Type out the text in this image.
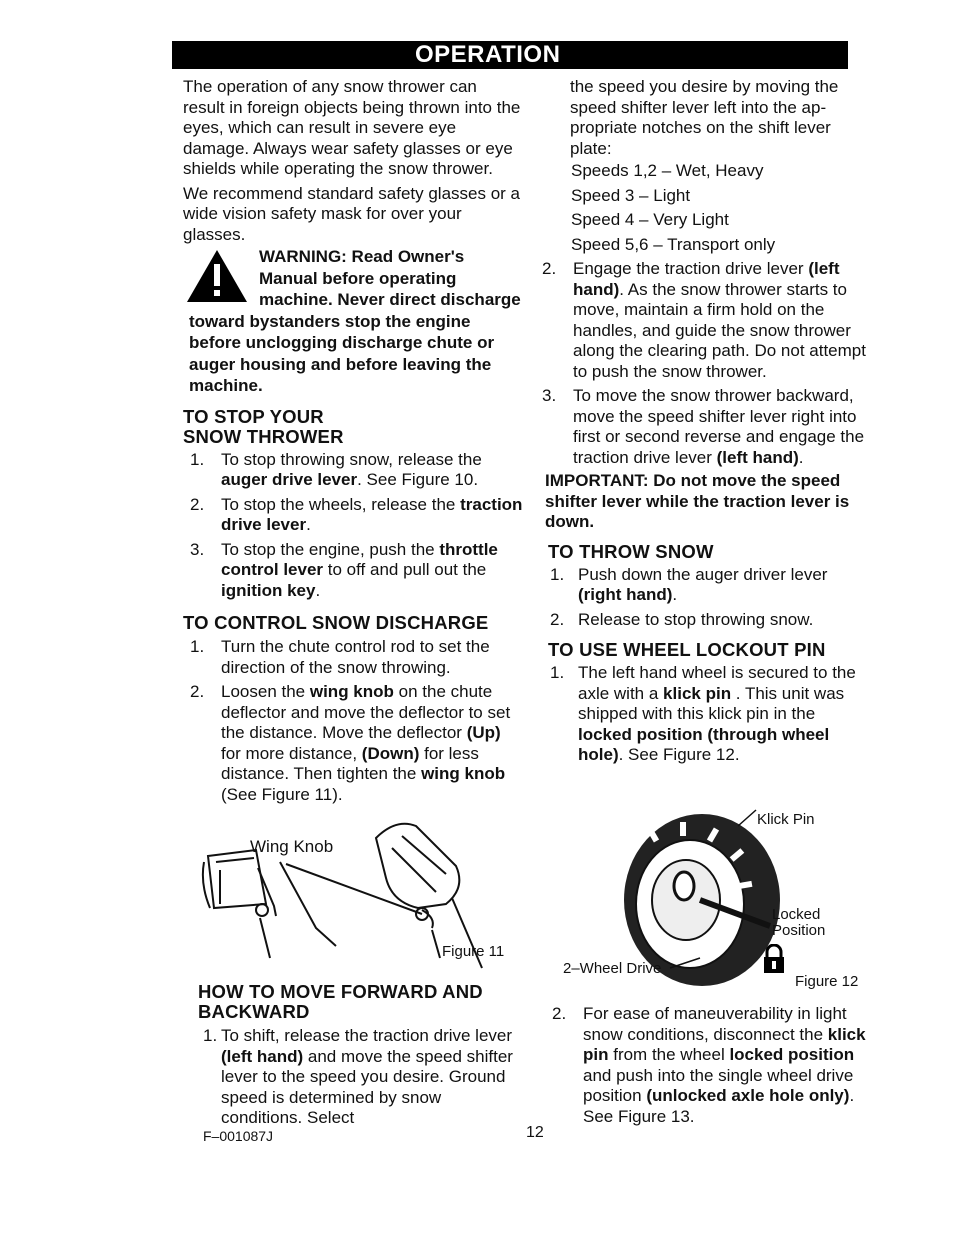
OPERATION

The operation of any snow thrower can result in foreign objects being thrown into the eyes, which can result in severe eye damage. Always wear safety glasses or eye shields while operating the snow thrower.

We recommend standard safety glasses or a wide vision safety mask for over your glasses.

WARNING: Read Owner's Manual before operating machine. Never direct discharge toward bystanders stop the engine before unclogging discharge chute or auger housing and before leaving the machine.

TO STOP YOUR
SNOW THROWER
1. To stop throwing snow, release the auger drive lever. See Figure 10.
2. To stop the wheels, release the traction drive lever.
3. To stop the engine, push the throttle control lever to off and pull out the ignition key.
TO CONTROL SNOW DISCHARGE
1. Turn the chute control rod to set the direction of the snow throwing.
2. Loosen the wing knob on the chute deflector and move the deflector to set the distance. Move the deflector (Up) for more distance, (Down) for less distance. Then tighten the wing knob (See Figure 11).
Wing Knob
Figure 11
HOW TO MOVE FORWARD AND
BACKWARD
1. To shift, release the traction drive lever (left hand) and move the speed shifter lever to the speed you desire. Ground speed is determined by snow conditions. Select
F–001087J	12

the speed you desire by moving the speed shifter lever left into the appropriate notches on the shift lever plate:

Speeds 1,2 – Wet, Heavy

Speed 3 – Light

Speed 4 – Very Light

Speed 5,6 – Transport only

2. Engage the traction drive lever (left hand). As the snow thrower starts to move, maintain a firm hold on the handles, and guide the snow thrower along the clearing path. Do not attempt to push the snow thrower.
3. To move the snow thrower backward, move the speed shifter lever right into first or second reverse and engage the traction drive lever (left hand).

IMPORTANT: Do not move the speed shifter lever while the traction lever is down.

TO THROW SNOW
1. Push down the auger driver lever (right hand).
2. Release to stop throwing snow.
TO USE WHEEL LOCKOUT PIN
1. The left hand wheel is secured to the axle with a klick pin . This unit was shipped with this klick pin in the locked position (through wheel hole). See Figure 12.
Klick Pin
Locked
Position
2–Wheel Drive
Figure 12
2. For ease of maneuverability in light snow conditions, disconnect the klick pin from the wheel locked position and push into the single wheel drive position (unlocked axle hole only). See Figure 13.
